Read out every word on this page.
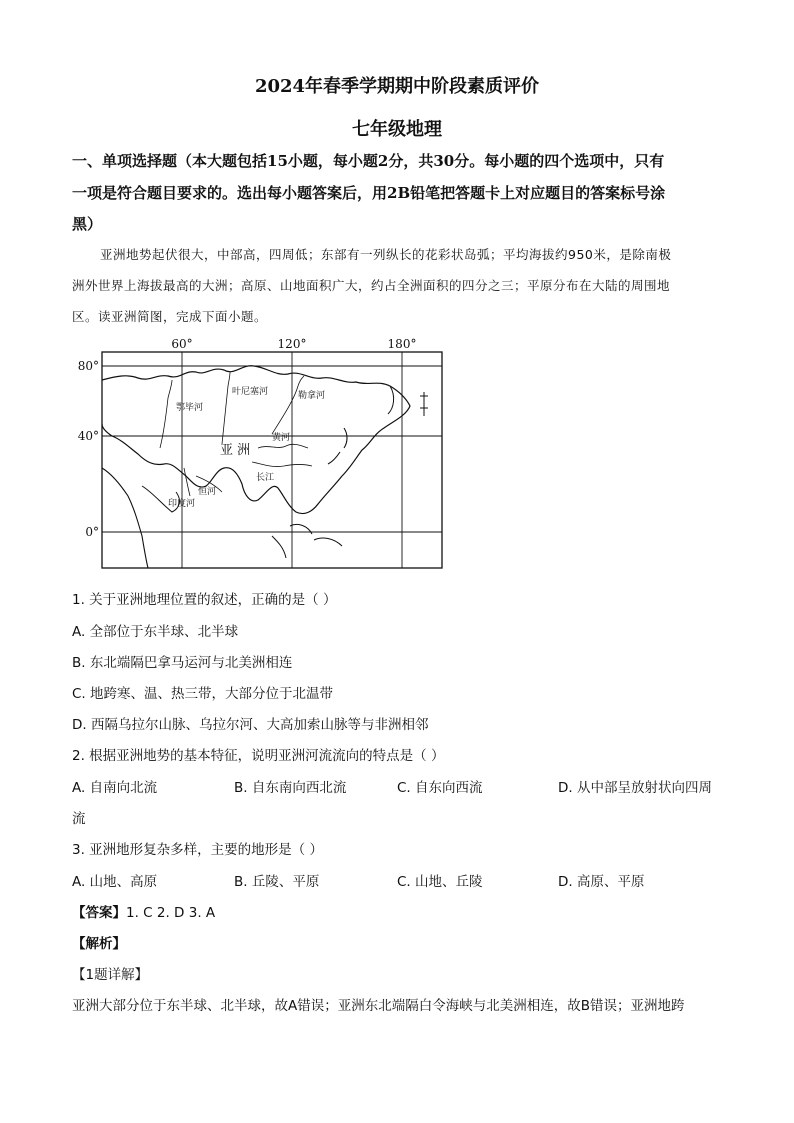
2024年春季学期期中阶段素质评价
七年级地理
一、单项选择题（本大题包括15小题，每小题2分，共30分。每小题的四个选项中，只有
一项是符合题目要求的。选出每小题答案后，用2B铅笔把答题卡上对应题目的答案标号涂
黑）
亚洲地势起伏很大，中部高，四周低；东部有一列纵长的花彩状岛弧；平均海拔约950米，是除南极
洲外世界上海拔最高的大洲；高原、山地面积广大，约占全洲面积的四分之三；平原分布在大陆的周围地
区。读亚洲简图，完成下面小题。
60°	120°	180°
80°
40°
0°
亚 洲
鄂毕河
叶尼塞河	勒拿河
印度河
恒河
长江
黄河
1. 关于亚洲地理位置的叙述，正确的是（ ）
A. 全部位于东半球、北半球
B. 东北端隔巴拿马运河与北美洲相连
C. 地跨寒、温、热三带，大部分位于北温带
D. 西隔乌拉尔山脉、乌拉尔河、大高加索山脉等与非洲相邻
2. 根据亚洲地势的基本特征，说明亚洲河流流向的特点是（ ）
A. 自南向北流	B. 自东南向西北流	C. 自东向西流	D. 从中部呈放射状向四周
流
3. 亚洲地形复杂多样，主要的地形是（ ）
A. 山地、高原	B. 丘陵、平原	C. 山地、丘陵	D. 高原、平原
【答案】1. C 2. D 3. A
【解析】
【1题详解】
亚洲大部分位于东半球、北半球，故A错误；亚洲东北端隔白令海峡与北美洲相连，故B错误；亚洲地跨
